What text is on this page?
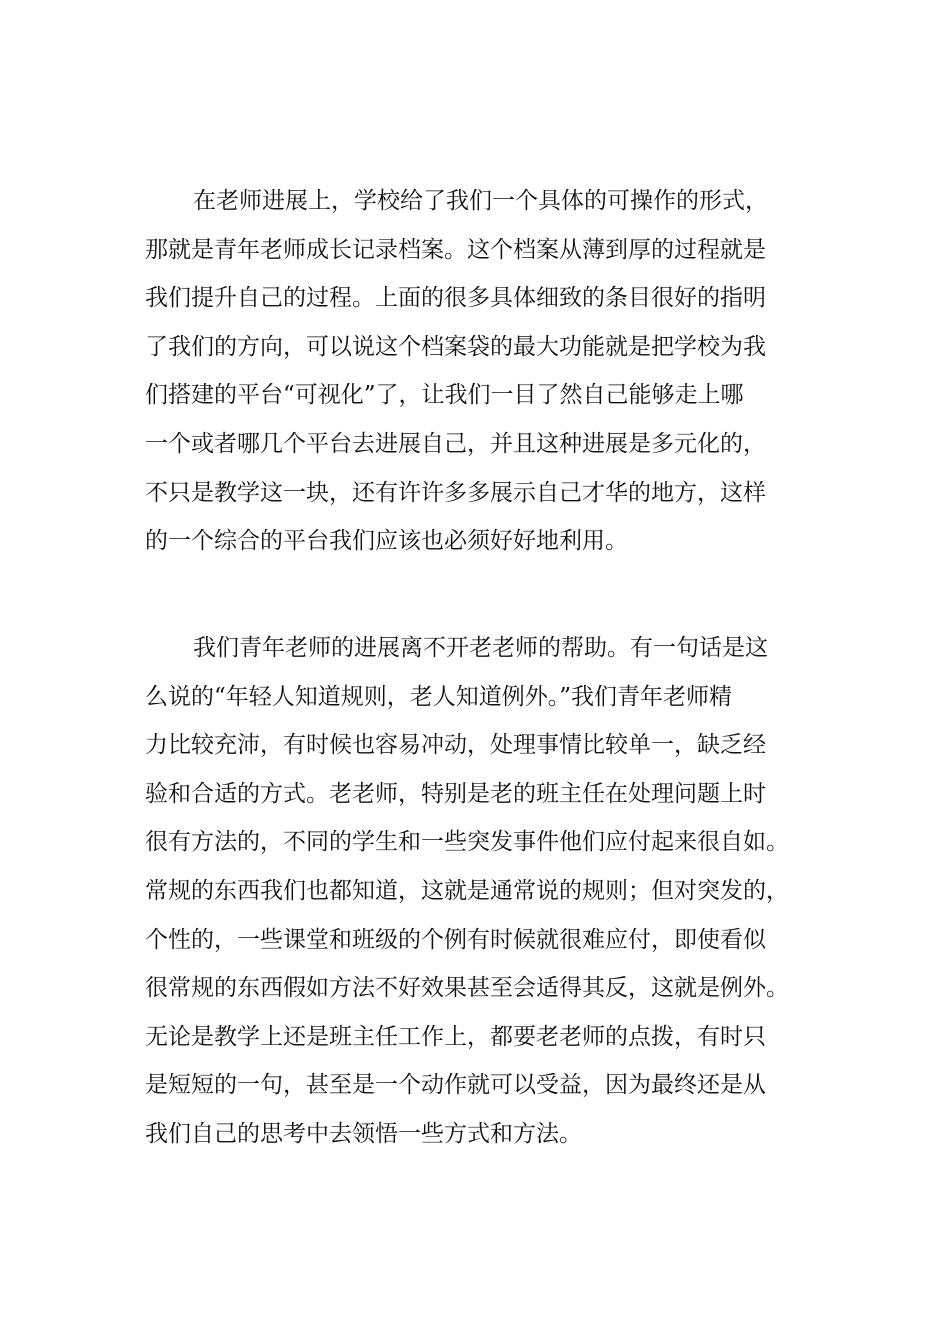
在老师进展上，学校给了我们一个具体的可操作的形式，
那就是青年老师成长记录档案。这个档案从薄到厚的过程就是
我们提升自己的过程。上面的很多具体细致的条目很好的指明
了我们的方向，可以说这个档案袋的最大功能就是把学校为我
们搭建的平台“可视化”了，让我们一目了然自己能够走上哪
一个或者哪几个平台去进展自己，并且这种进展是多元化的，
不只是教学这一块，还有许许多多展示自己才华的地方，这样
的一个综合的平台我们应该也必须好好地利用。
我们青年老师的进展离不开老老师的帮助。有一句话是这
么说的“年轻人知道规则，老人知道例外。”我们青年老师精
力比较充沛，有时候也容易冲动，处理事情比较单一，缺乏经
验和合适的方式。老老师，特别是老的班主任在处理问题上时
很有方法的，不同的学生和一些突发事件他们应付起来很自如。
常规的东西我们也都知道，这就是通常说的规则；但对突发的，
个性的，一些课堂和班级的个例有时候就很难应付，即使看似
很常规的东西假如方法不好效果甚至会适得其反，这就是例外。
无论是教学上还是班主任工作上，都要老老师的点拨，有时只
是短短的一句，甚至是一个动作就可以受益，因为最终还是从
我们自己的思考中去领悟一些方式和方法。
